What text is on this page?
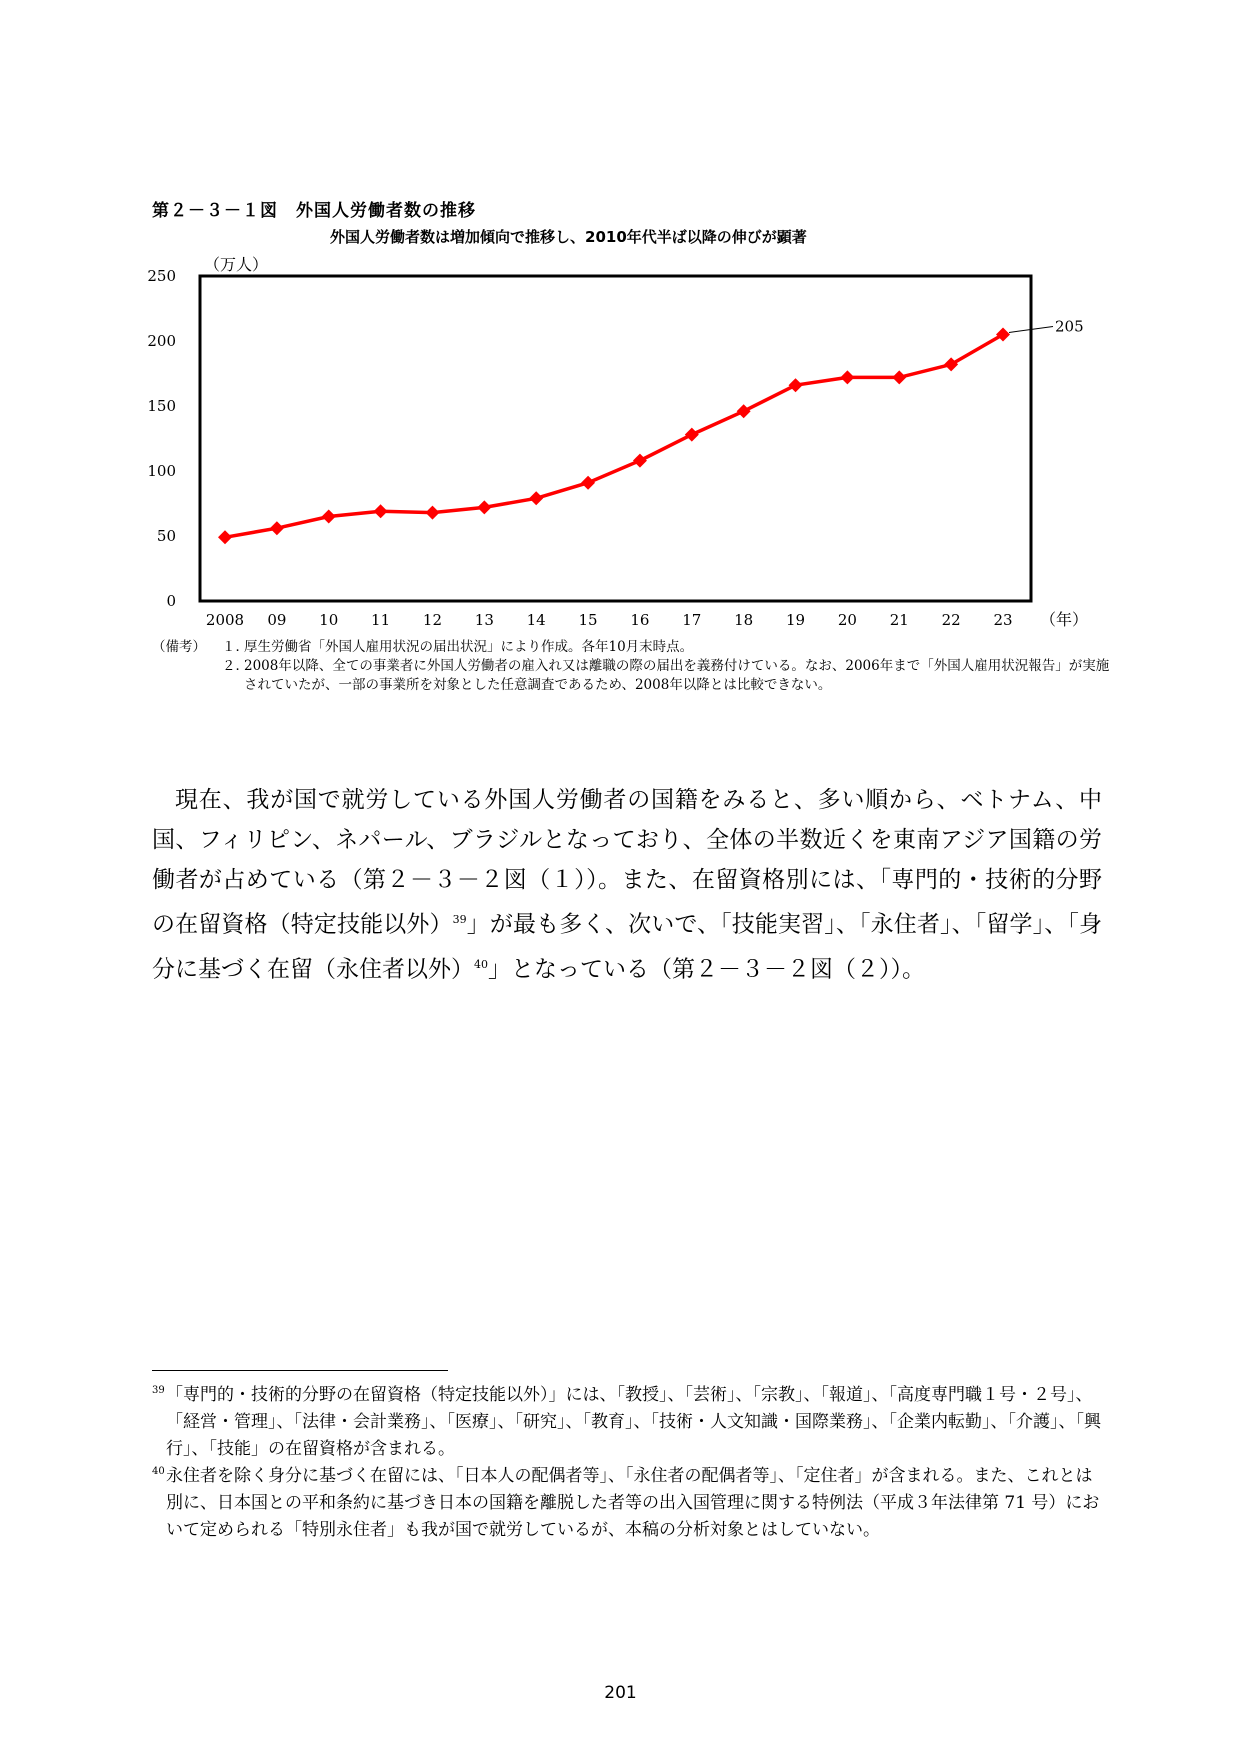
第２－３－１図　外国人労働者数の推移
外国人労働者数は増加傾向で推移し、2010年代半ば以降の伸びが顕著
（万人）
（年）
0
50
100
150
200
250
2008 09 10 11 12 13 14 15 16 17 18 19 20 21 22 23
205
（備考）	１．
厚生労働省「外国人雇用状況の届出状況」により作成。各年10月末時点。
２．
2008年以降、全ての事業者に外国人労働者の雇入れ又は離職の際の届出を義務付けている。なお、2006年まで「外国人雇用状況報告」が実施されていたが、一部の事業所を対象とした任意調査であるため、2008年以降とは比較できない。

現在、我が国で就労している外国人労働者の国籍をみると、多い順から、ベトナム、中国、フィリピン、ネパール、ブラジルとなっており、全体の半数近くを東南アジア国籍の労働者が占めている（第２－３－２図（１））。また、在留資格別には、「専門的・技術的分野の在留資格（特定技能以外）$^{39}$」が最も多く、次いで、「技能実習」、「永住者」、「留学」、「身分に基づく在留（永住者以外）$^{40}$」となっている（第２－３－２図（２））。

39 「専門的・技術的分野の在留資格（特定技能以外）」には、「教授」、「芸術」、「宗教」、「報道」、「高度専門職１号・２号」、「経営・管理」、「法律・会計業務」、「医療」、「研究」、「教育」、「技術・人文知識・国際業務」、「企業内転勤」、「介護」、「興行」、「技能」の在留資格が含まれる。
40 永住者を除く身分に基づく在留には、「日本人の配偶者等」、「永住者の配偶者等」、「定住者」が含まれる。また、これとは別に、日本国との平和条約に基づき日本の国籍を離脱した者等の出入国管理に関する特例法（平成３年法律第 71 号）において定められる「特別永住者」も我が国で就労しているが、本稿の分析対象とはしていない。
201
